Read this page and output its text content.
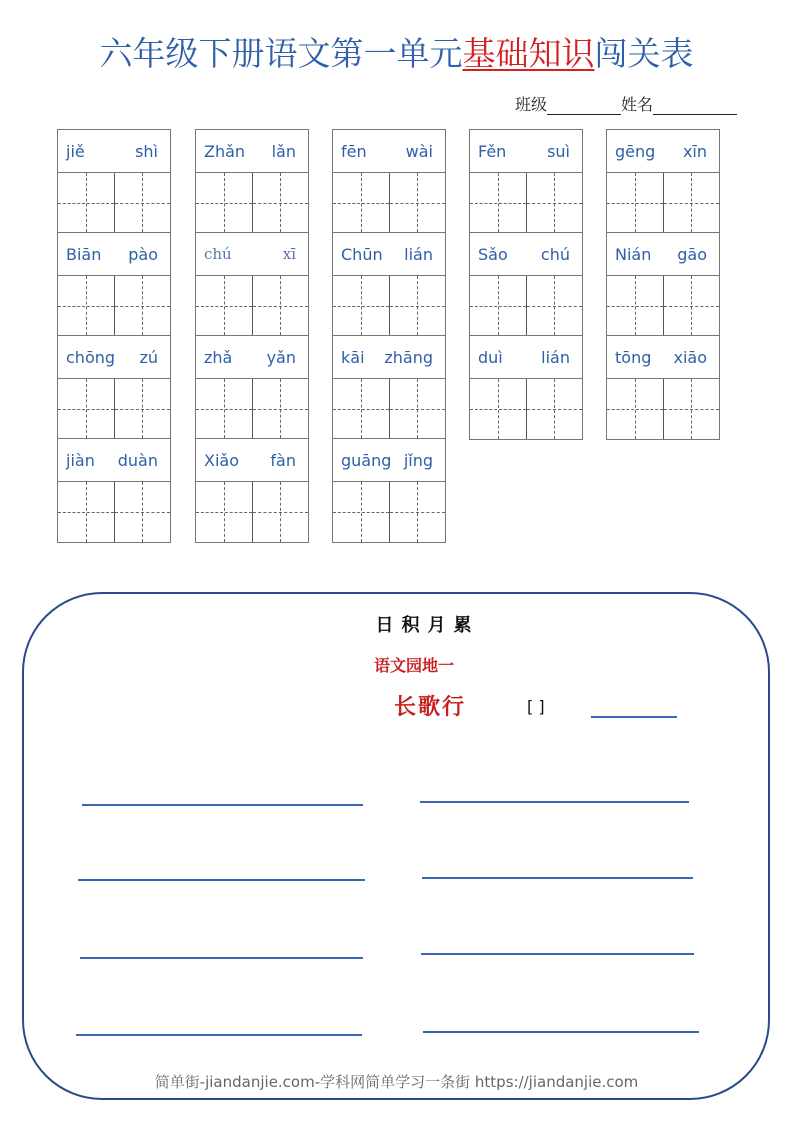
六年级下册语文第一单元基础知识闯关表
班级	姓名
jiě	shì
Biān pào
chōng zú
jiàn duàn
Zhǎn lǎn
chú	xī
zhǎ yǎn
Xiǎo fàn
fēn wài
Chūn lián
kāi zhāng
guāng jǐng
Fěn	suì
Sǎo chú
duì lián
gēng xīn
Nián gāo
tōng xiāo
日积月累
语文园地一
长歌行	[ ]
简单街-jiandanjie.com-学科网简单学习一条街 https://jiandanjie.com
